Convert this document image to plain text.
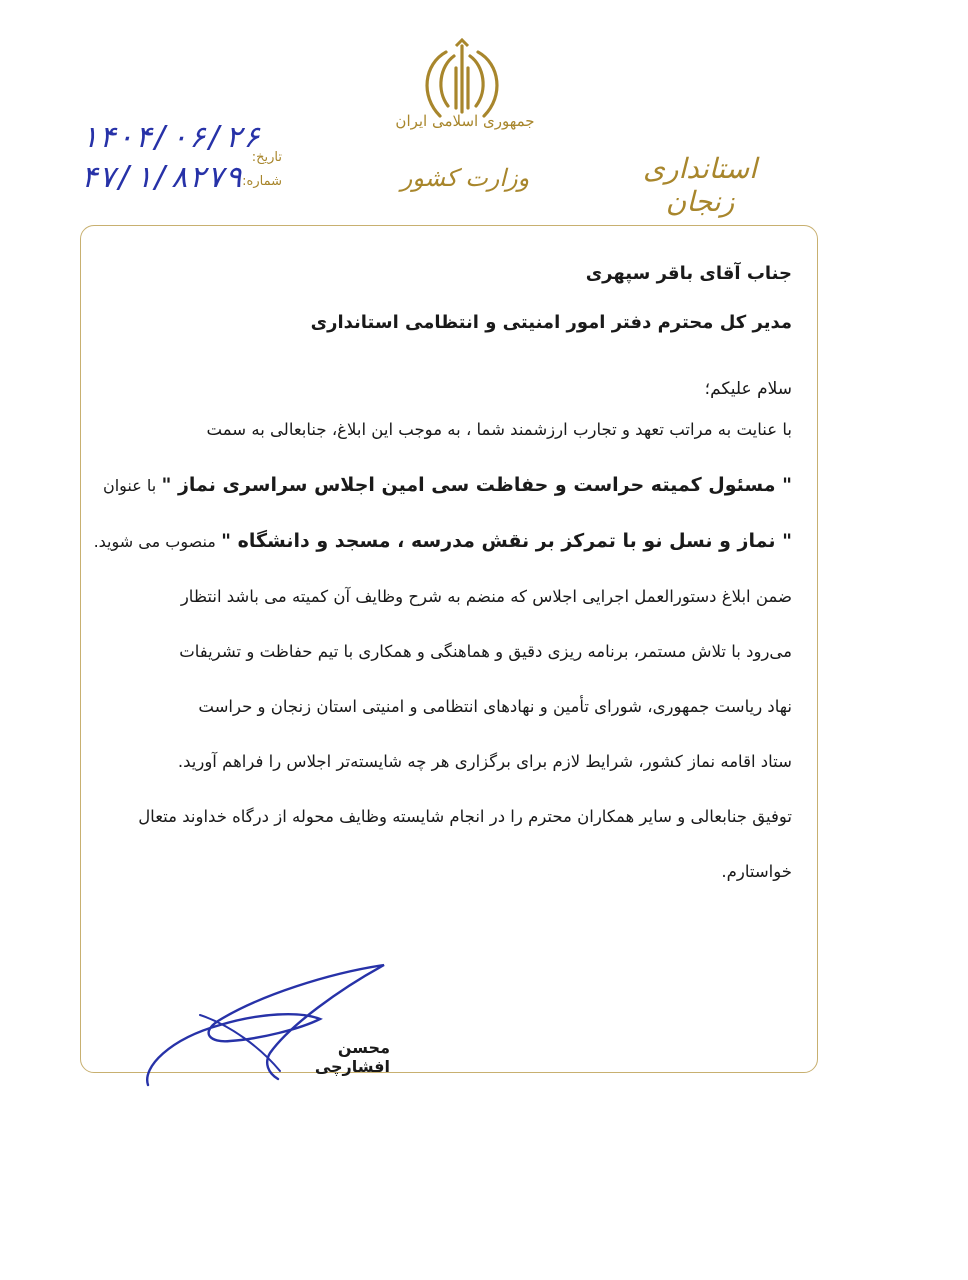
جمهوری اسلامی ایران
وزارت کشور	استانداری زنجان
تاریخ:
شماره:
۱۴۰۴/۰۶/۲۶
۴۷/۱/۸۲۷۹
جناب آقای باقر سپهری
مدیر کل محترم دفتر امور امنیتی و انتظامی استانداری
سلام علیکم؛
با عنایت به مراتب تعهد و تجارب ارزشمند شما ، به موجب این ابلاغ، جنابعالی به سمت
" مسئول کمیته حراست و حفاظت سی امین اجلاس سراسری نماز " با عنوان
" نماز و نسل نو با تمرکز بر نقش مدرسه ، مسجد و دانشگاه " منصوب می شوید.
ضمن ابلاغ دستورالعمل اجرایی اجلاس که منضم به شرح وظایف آن کمیته می باشد انتظار
می‌رود با تلاش مستمر، برنامه ریزی دقیق و هماهنگی و همکاری با تیم حفاظت و تشریفات
نهاد ریاست جمهوری، شورای تأمین و نهادهای انتظامی و امنیتی استان زنجان و حراست
ستاد اقامه نماز کشور، شرایط لازم برای برگزاری هر چه شایسته‌تر اجلاس را فراهم آورید.
توفیق جنابعالی و سایر همکاران محترم را در انجام شایسته وظایف محوله از درگاه خداوند متعال
خواستارم.
محسن افشارچی
